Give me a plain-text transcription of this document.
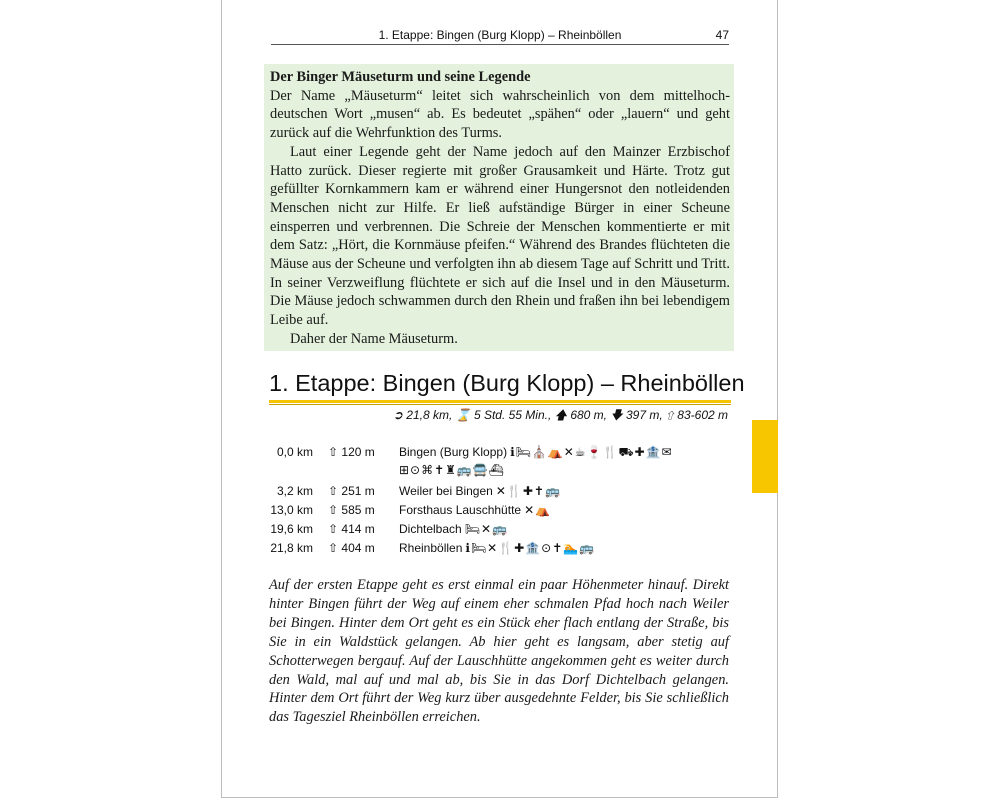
1. Etappe: Bingen (Burg Klopp) – Rheinböllen	47

Der Binger Mäuseturm und seine Legende

Der Name „Mäuseturm“ leitet sich wahrscheinlich von dem mittelhochdeutschen Wort „musen“ ab. Es bedeutet „spähen“ oder „lauern“ und geht zurück auf die Wehrfunktion des Turms.

Laut einer Legende geht der Name jedoch auf den Mainzer Erzbischof Hatto zurück. Dieser regierte mit großer Grausamkeit und Härte. Trotz gut gefüllter Kornkammern kam er während einer Hungersnot den notleidenden Menschen nicht zur Hilfe. Er ließ aufständige Bürger in einer Scheune einsperren und verbrennen. Die Schreie der Menschen kommentierte er mit dem Satz: „Hört, die Kornmäuse pfeifen.“ Während des Brandes flüchteten die Mäuse aus der Scheune und verfolgten ihn ab diesem Tage auf Schritt und Tritt. In seiner Verzweiflung flüchtete er sich auf die Insel und in den Mäuseturm. Die Mäuse jedoch schwammen durch den Rhein und fraßen ihn bei lebendigem Leibe auf.

Daher der Name Mäuseturm.

1. Etappe: Bingen (Burg Klopp) – Rheinböllen
➲ 21,8 km, ⌛ 5 Std. 55 Min., 🡅 680 m, 🡇 397 m, ⇧ 83-602 m
0,0 km ⇧ 120 m Bingen (Burg Klopp) ℹ🛏⛪⛺✕☕🍷🍴⛟✚🏦✉
⊞⊙⌘✝♜🚌🚍⛴
3,2 km ⇧ 251 m Weiler bei Bingen ✕🍴✚✝🚌
13,0 km ⇧ 585 m Forsthaus Lauschhütte ✕⛺
19,6 km ⇧ 414 m Dichtelbach 🛏✕🚌
21,8 km ⇧ 404 m Rheinböllen ℹ🛏✕🍴✚🏦⊙✝🏊🚌

Auf der ersten Etappe geht es erst einmal ein paar Höhenmeter hinauf. Direkt hinter Bingen führt der Weg auf einem eher schmalen Pfad hoch nach Weiler bei Bingen. Hinter dem Ort geht es ein Stück eher flach entlang der Straße, bis Sie in ein Waldstück gelangen. Ab hier geht es langsam, aber stetig auf Schotterwegen bergauf. Auf der Lauschhütte angekommen geht es weiter durch den Wald, mal auf und mal ab, bis Sie in das Dorf Dichtelbach gelangen. Hinter dem Ort führt der Weg kurz über ausgedehnte Felder, bis Sie schließlich das Tagesziel Rheinböllen erreichen.
